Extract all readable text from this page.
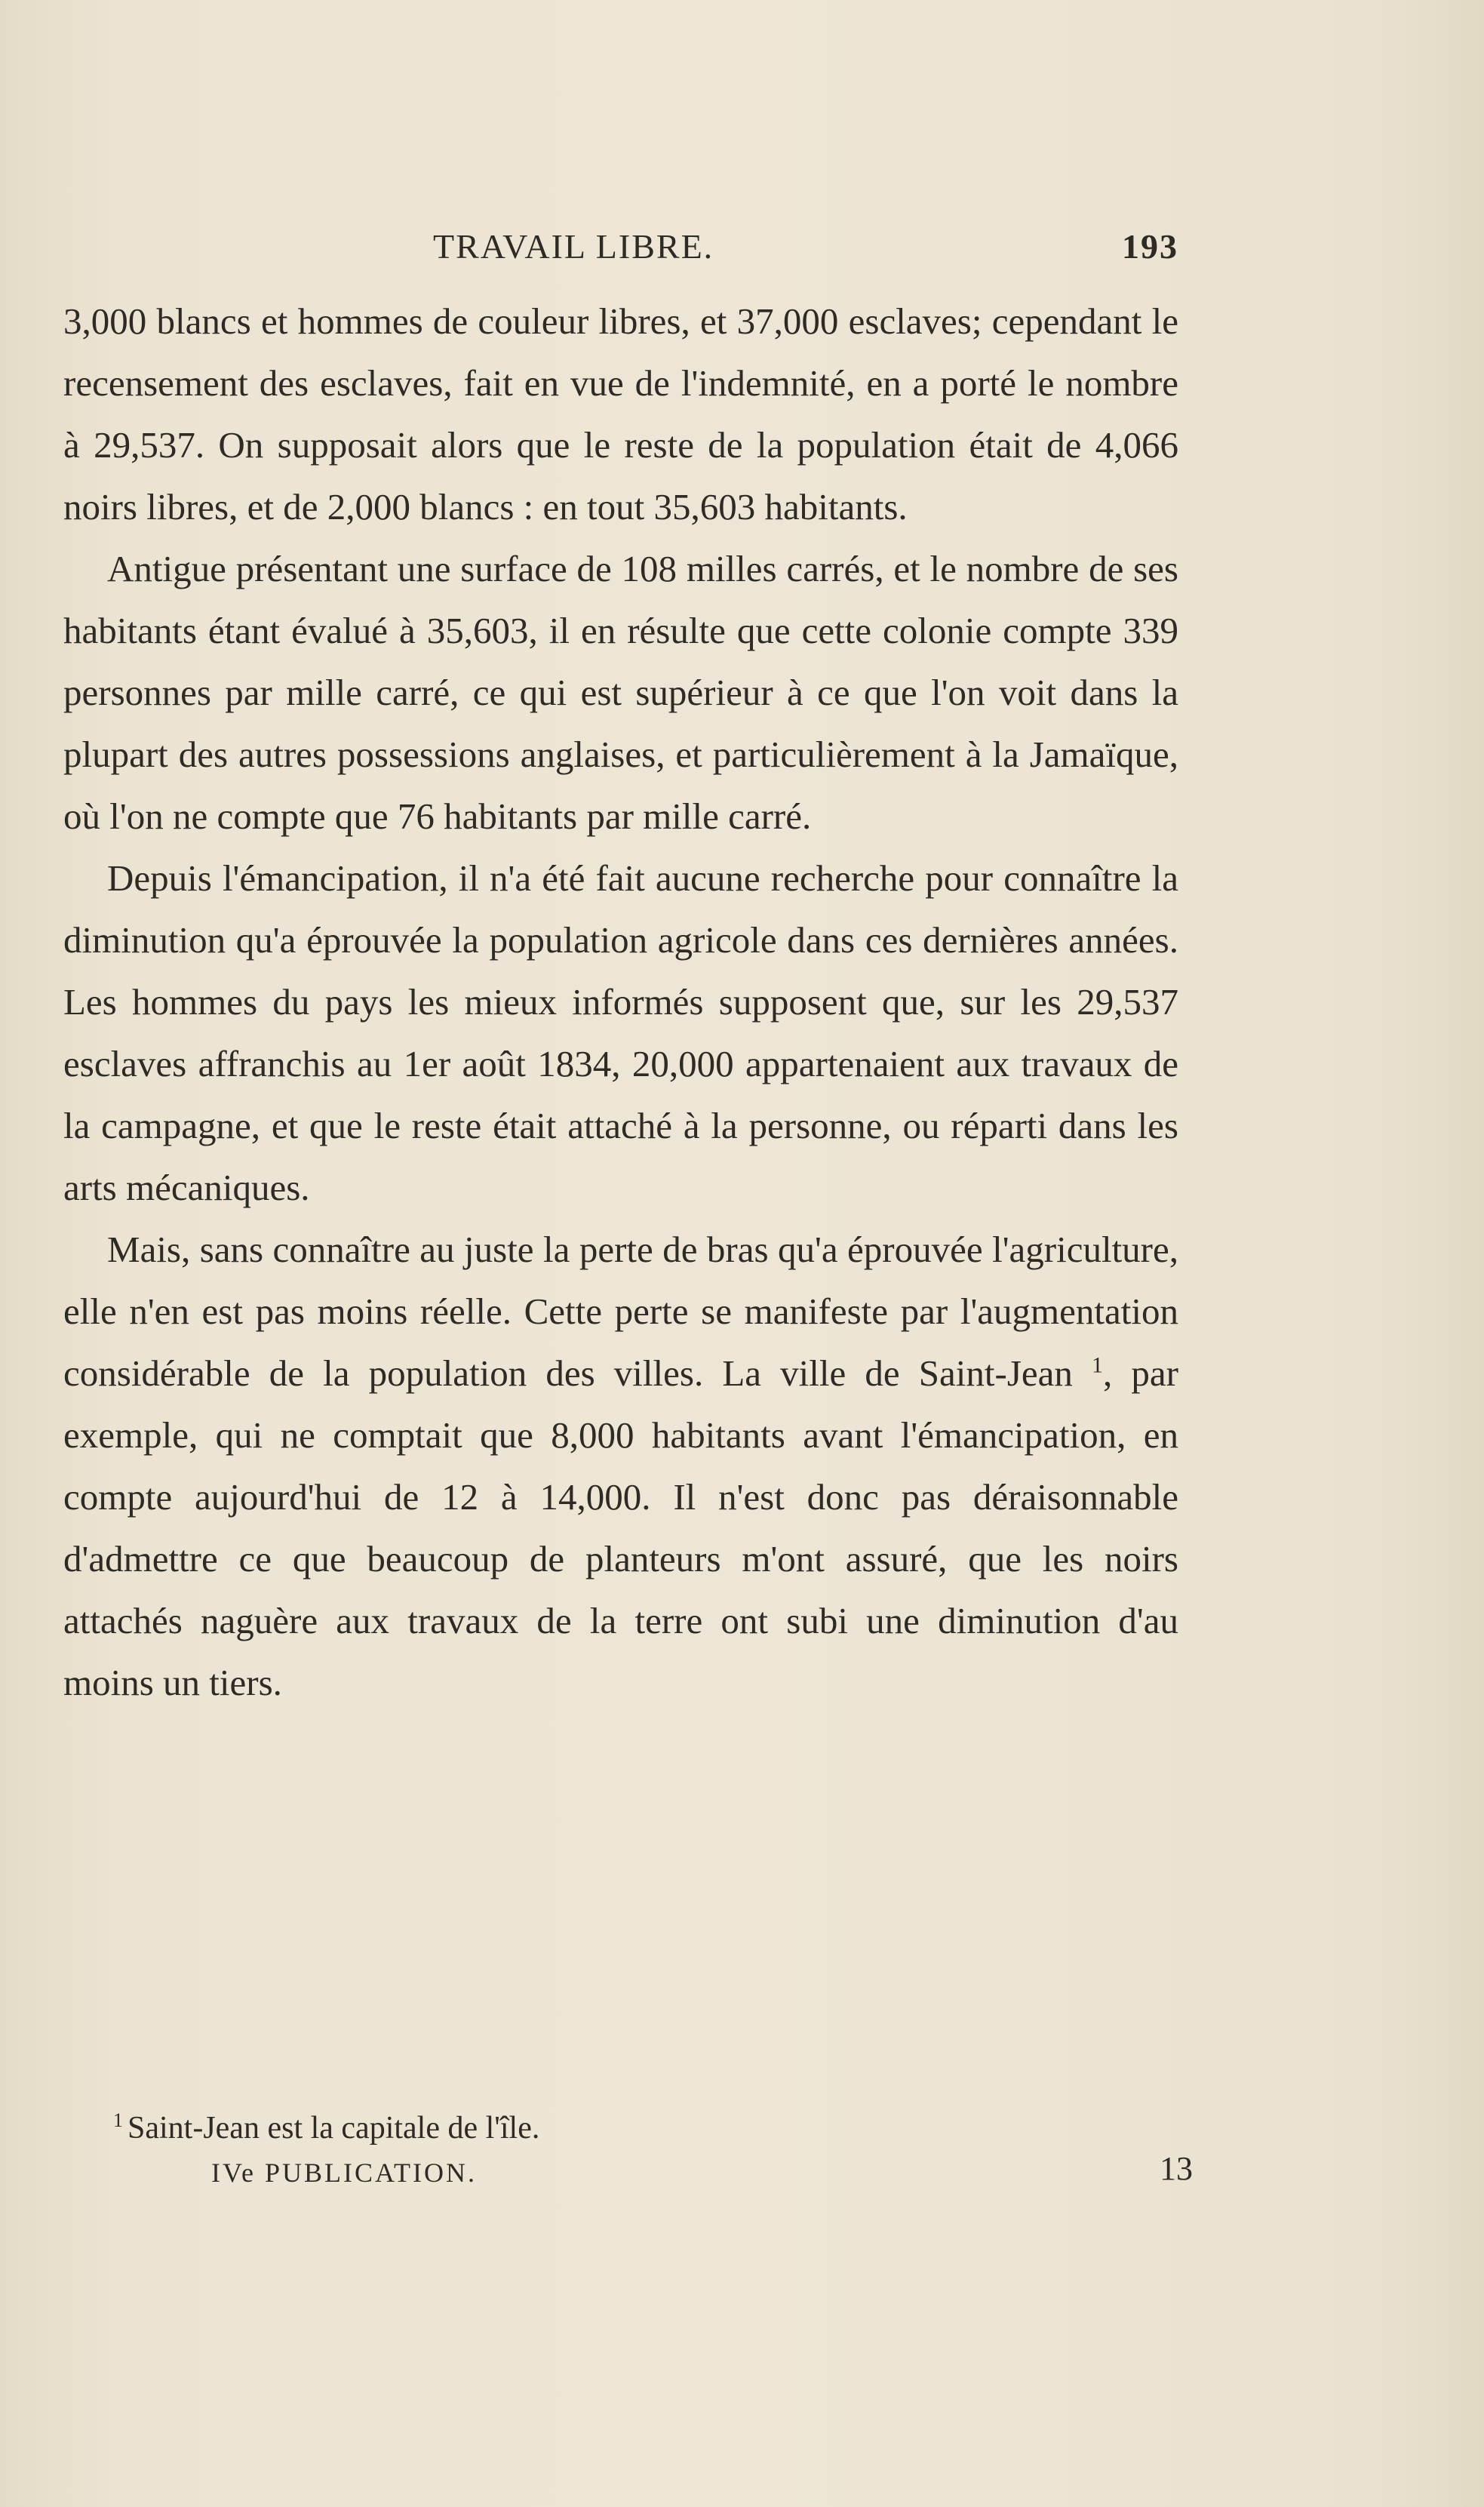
TRAVAIL LIBRE.	193

3,000 blancs et hommes de couleur libres, et 37,000 esclaves; cependant le recensement des esclaves, fait en vue de l'indemnité, en a porté le nombre à 29,537. On supposait alors que le reste de la population était de 4,066 noirs libres, et de 2,000 blancs : en tout 35,603 habitants.

Antigue présentant une surface de 108 milles carrés, et le nombre de ses habitants étant évalué à 35,603, il en résulte que cette colonie compte 339 personnes par mille carré, ce qui est supérieur à ce que l'on voit dans la plupart des autres possessions anglaises, et particulièrement à la Jamaïque, où l'on ne compte que 76 habitants par mille carré.

Depuis l'émancipation, il n'a été fait aucune recherche pour connaître la diminution qu'a éprouvée la population agricole dans ces dernières années. Les hommes du pays les mieux informés supposent que, sur les 29,537 esclaves affranchis au 1er août 1834, 20,000 appartenaient aux travaux de la campagne, et que le reste était attaché à la personne, ou réparti dans les arts mécaniques.

Mais, sans connaître au juste la perte de bras qu'a éprouvée l'agriculture, elle n'en est pas moins réelle. Cette perte se manifeste par l'augmentation considérable de la population des villes. La ville de Saint-Jean $^1$, par exemple, qui ne comptait que 8,000 habitants avant l'émancipation, en compte aujourd'hui de 12 à 14,000. Il n'est donc pas déraisonnable d'admettre ce que beaucoup de planteurs m'ont assuré, que les noirs attachés naguère aux travaux de la terre ont subi une diminution d'au moins un tiers.

$^1$ Saint-Jean est la capitale de l'île.
IVe PUBLICATION.	13
